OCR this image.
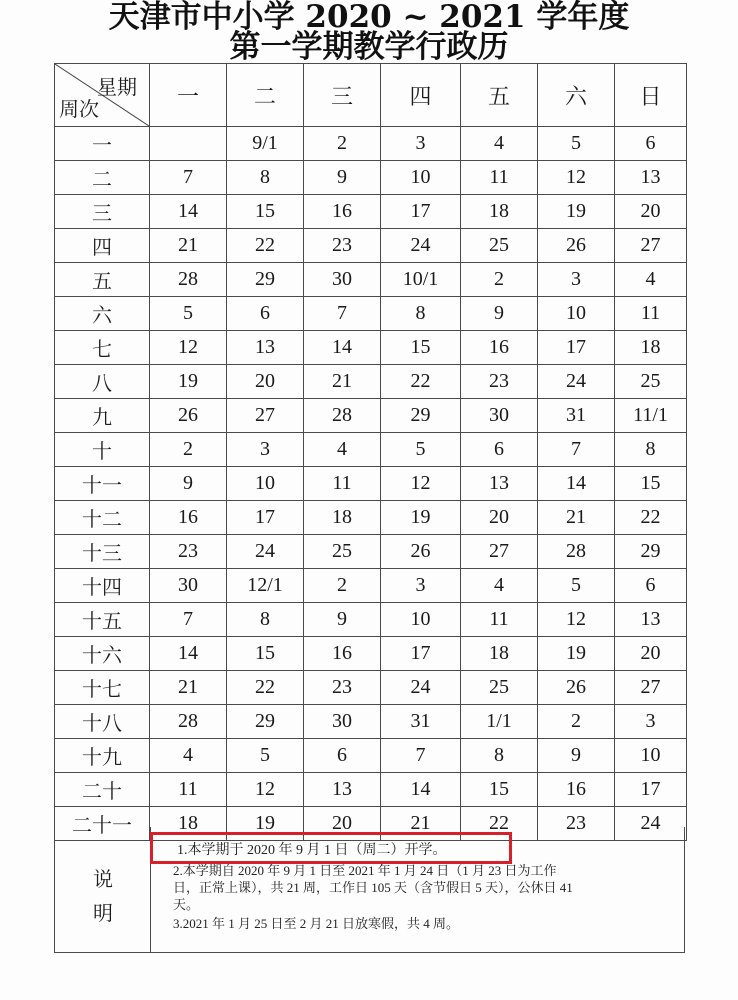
天津市中小学 2020 ~ 2021 学年度
第一学期教学行政历
星期
周次	一	二	三	四	五	六	日
一		9/1	2	3	4	5	6
二	7	8	9	10	11	12	13
三	14	15	16	17	18	19	20
四	21	22	23	24	25	26	27
五	28	29	30	10/1	2	3	4
六	5	6	7	8	9	10	11
七	12	13	14	15	16	17	18
八	19	20	21	22	23	24	25
九	26	27	28	29	30	31	11/1
十	2	3	4	5	6	7	8
十一	9	10	11	12	13	14	15
十二	16	17	18	19	20	21	22
十三	23	24	25	26	27	28	29
十四	30	12/1	2	3	4	5	6
十五	7	8	9	10	11	12	13
十六	14	15	16	17	18	19	20
十七	21	22	23	24	25	26	27
十八	28	29	30	31	1/1	2	3
十九	4	5	6	7	8	9	10
二十	11	12	13	14	15	16	17
二十一	18	19	20	21	22	23	24
说
明
1.本学期于 2020 年 9 月 1 日（周二）开学。
2.本学期自 2020 年 9 月 1 日至 2021 年 1 月 24 日（1 月 23 日为工作
日，正常上课），共 21 周，工作日 105 天（含节假日 5 天），公休日 41
天。
3.2021 年 1 月 25 日至 2 月 21 日放寒假，共 4 周。
